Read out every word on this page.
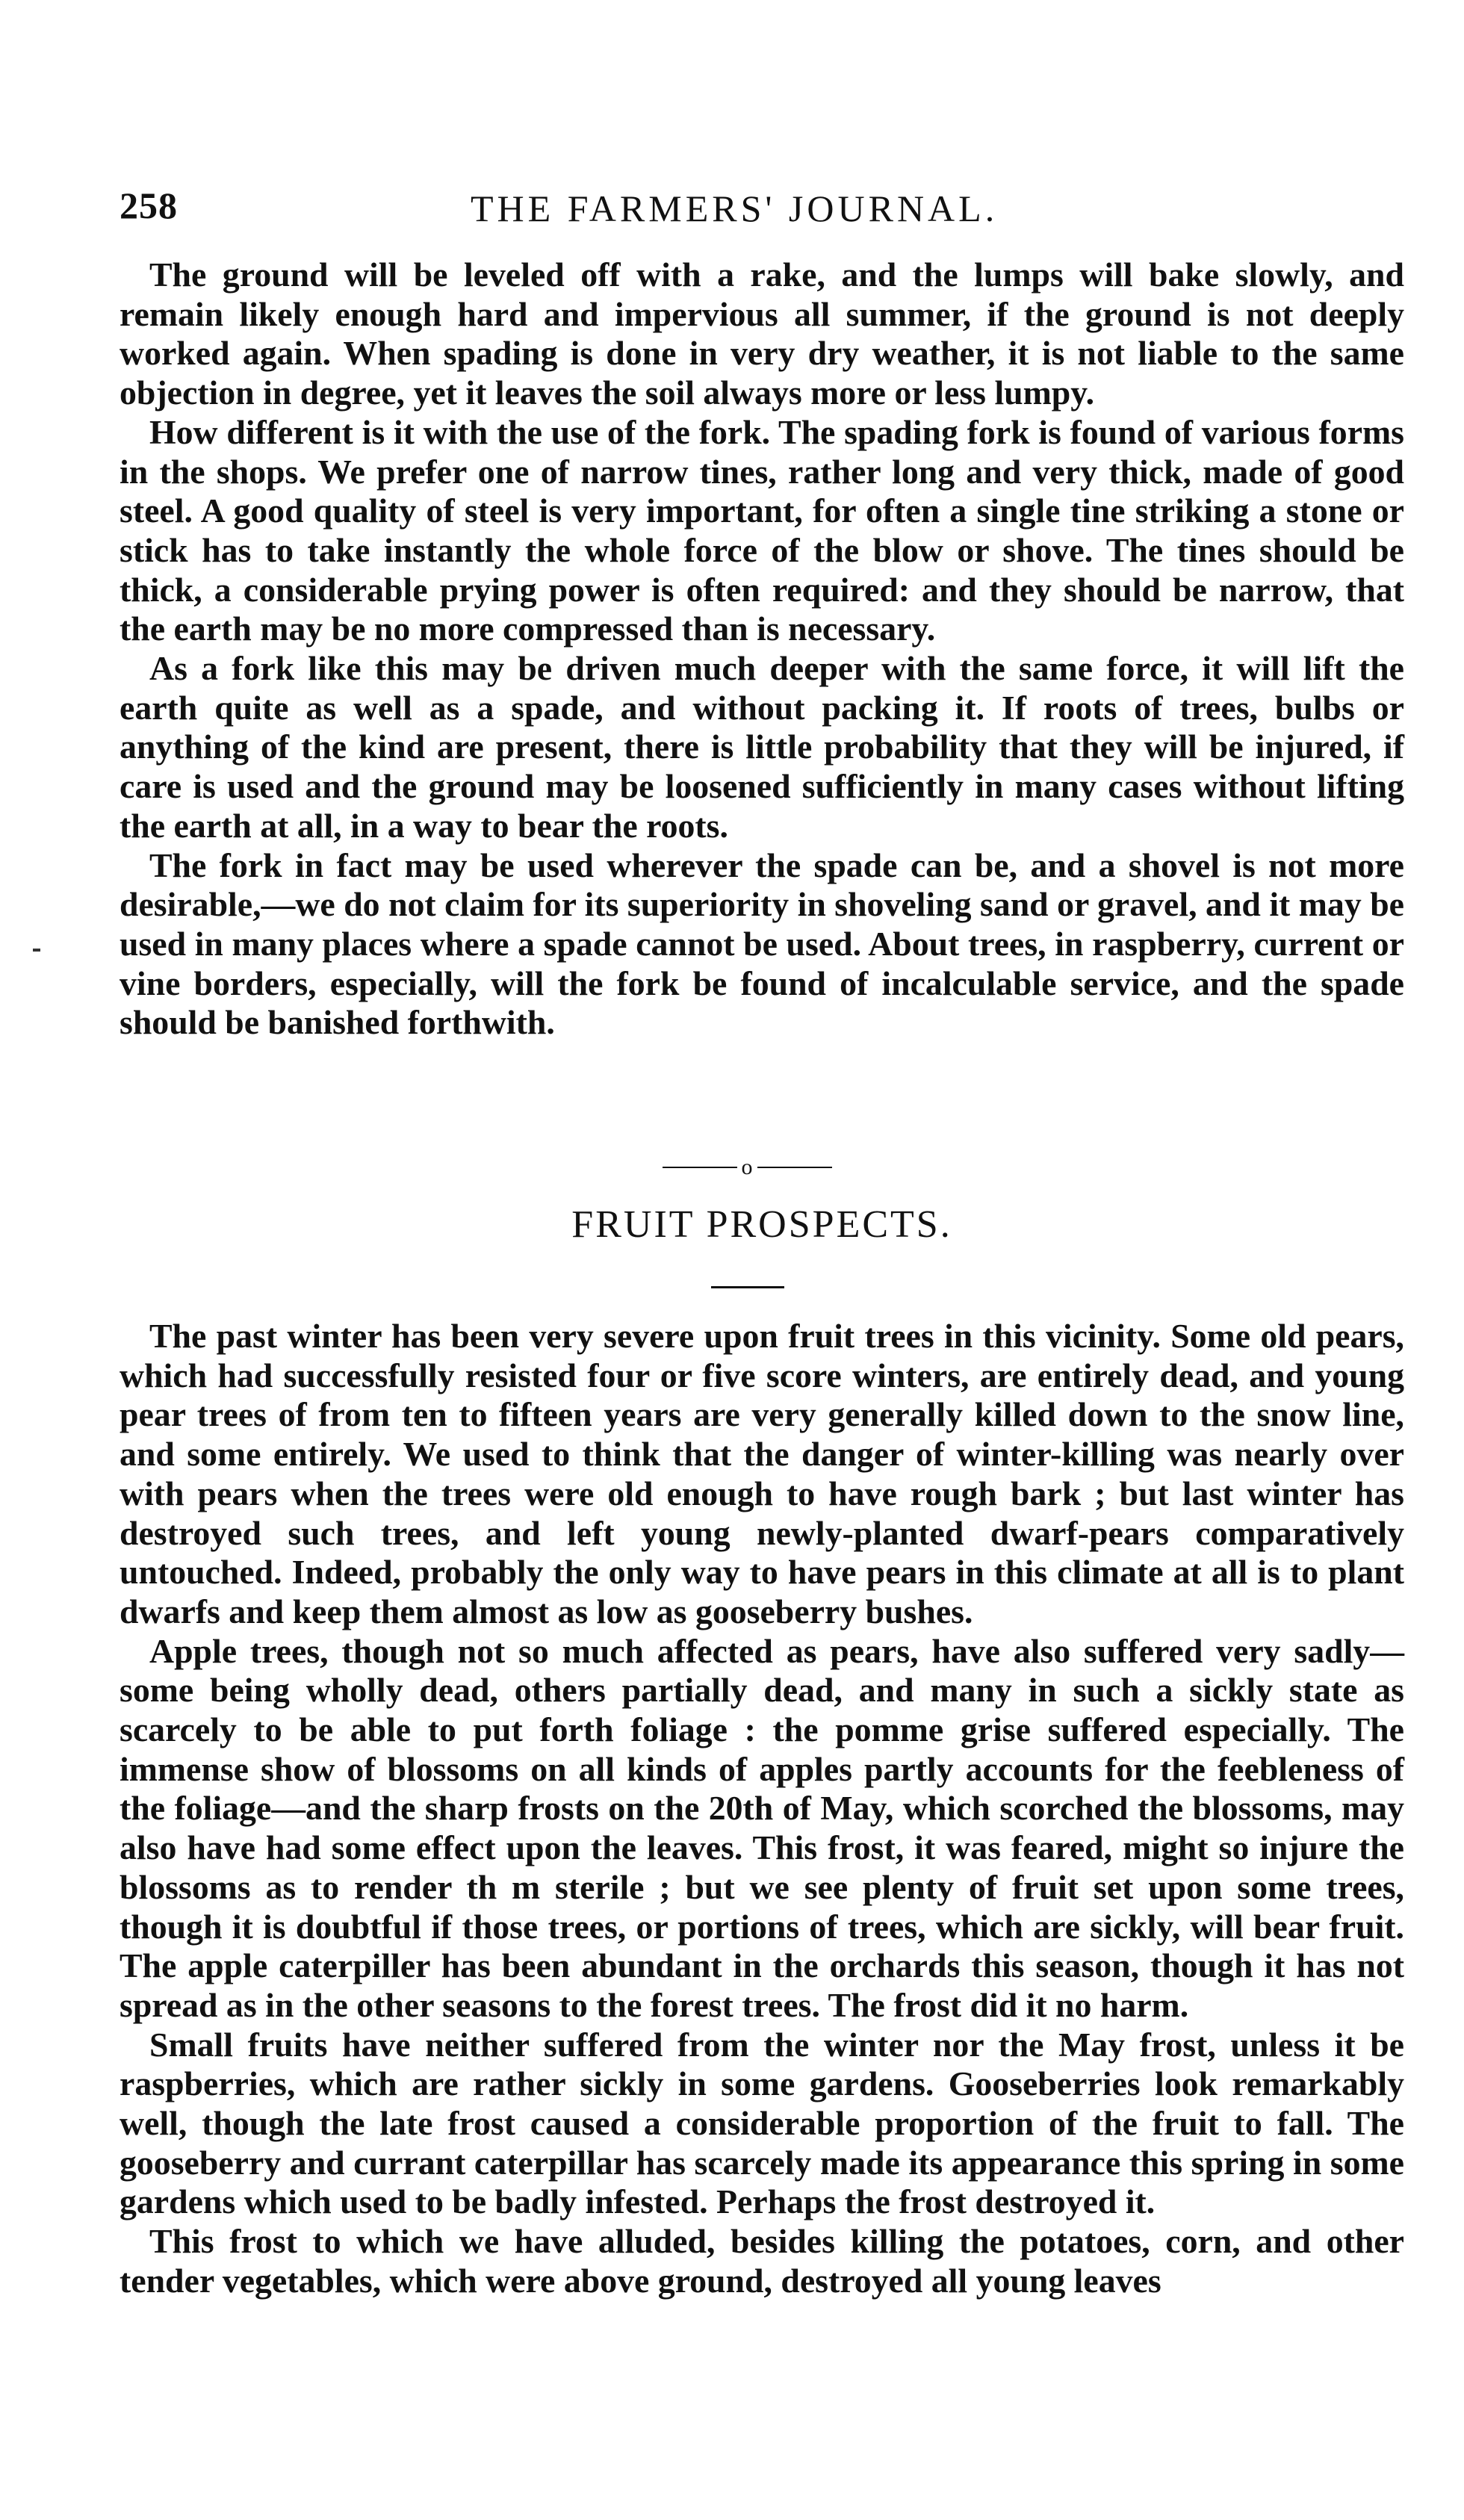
258	THE FARMERS' JOURNAL.

The ground will be leveled off with a rake, and the lumps will bake slowly, and remain likely enough hard and impervious all summer, if the ground is not deeply worked again. When spading is done in very dry weather, it is not liable to the same objection in degree, yet it leaves the soil always more or less lumpy.

How different is it with the use of the fork. The spading fork is found of various forms in the shops. We prefer one of narrow tines, rather long and very thick, made of good steel. A good quality of steel is very important, for often a single tine striking a stone or stick has to take instantly the whole force of the blow or shove. The tines should be thick, a considerable prying power is often required: and they should be narrow, that the earth may be no more compressed than is necessary.

As a fork like this may be driven much deeper with the same force, it will lift the earth quite as well as a spade, and without packing it. If roots of trees, bulbs or anything of the kind are present, there is little probability that they will be injured, if care is used and the ground may be loosened sufficiently in many cases without lifting the earth at all, in a way to bear the roots.

The fork in fact may be used wherever the spade can be, and a shovel is not more desirable,—we do not claim for its superiority in shoveling sand or gravel, and it may be used in many places where a spade cannot be used. About trees, in raspberry, current or vine borders, especially, will the fork be found of incalculable service, and the spade should be banished forthwith.

o
FRUIT PROSPECTS.

The past winter has been very severe upon fruit trees in this vicinity. Some old pears, which had successfully resisted four or five score winters, are entirely dead, and young pear trees of from ten to fifteen years are very generally killed down to the snow line, and some entirely. We used to think that the danger of winter-killing was nearly over with pears when the trees were old enough to have rough bark ; but last winter has destroyed such trees, and left young newly-planted dwarf-pears comparatively untouched. Indeed, probably the only way to have pears in this climate at all is to plant dwarfs and keep them almost as low as gooseberry bushes.

Apple trees, though not so much affected as pears, have also suffered very sadly—some being wholly dead, others partially dead, and many in such a sickly state as scarcely to be able to put forth foliage : the pomme grise suffered especially. The immense show of blossoms on all kinds of apples partly accounts for the feebleness of the foliage—and the sharp frosts on the 20th of May, which scorched the blossoms, may also have had some effect upon the leaves. This frost, it was feared, might so injure the blossoms as to render th m sterile ; but we see plenty of fruit set upon some trees, though it is doubtful if those trees, or portions of trees, which are sickly, will bear fruit. The apple caterpiller has been abundant in the orchards this season, though it has not spread as in the other seasons to the forest trees. The frost did it no harm.

Small fruits have neither suffered from the winter nor the May frost, unless it be raspberries, which are rather sickly in some gardens. Gooseberries look remarkably well, though the late frost caused a considerable proportion of the fruit to fall. The gooseberry and currant caterpillar has scarcely made its appearance this spring in some gardens which used to be badly infested. Perhaps the frost destroyed it.

This frost to which we have alluded, besides killing the potatoes, corn, and other tender vegetables, which were above ground, destroyed all young leaves
